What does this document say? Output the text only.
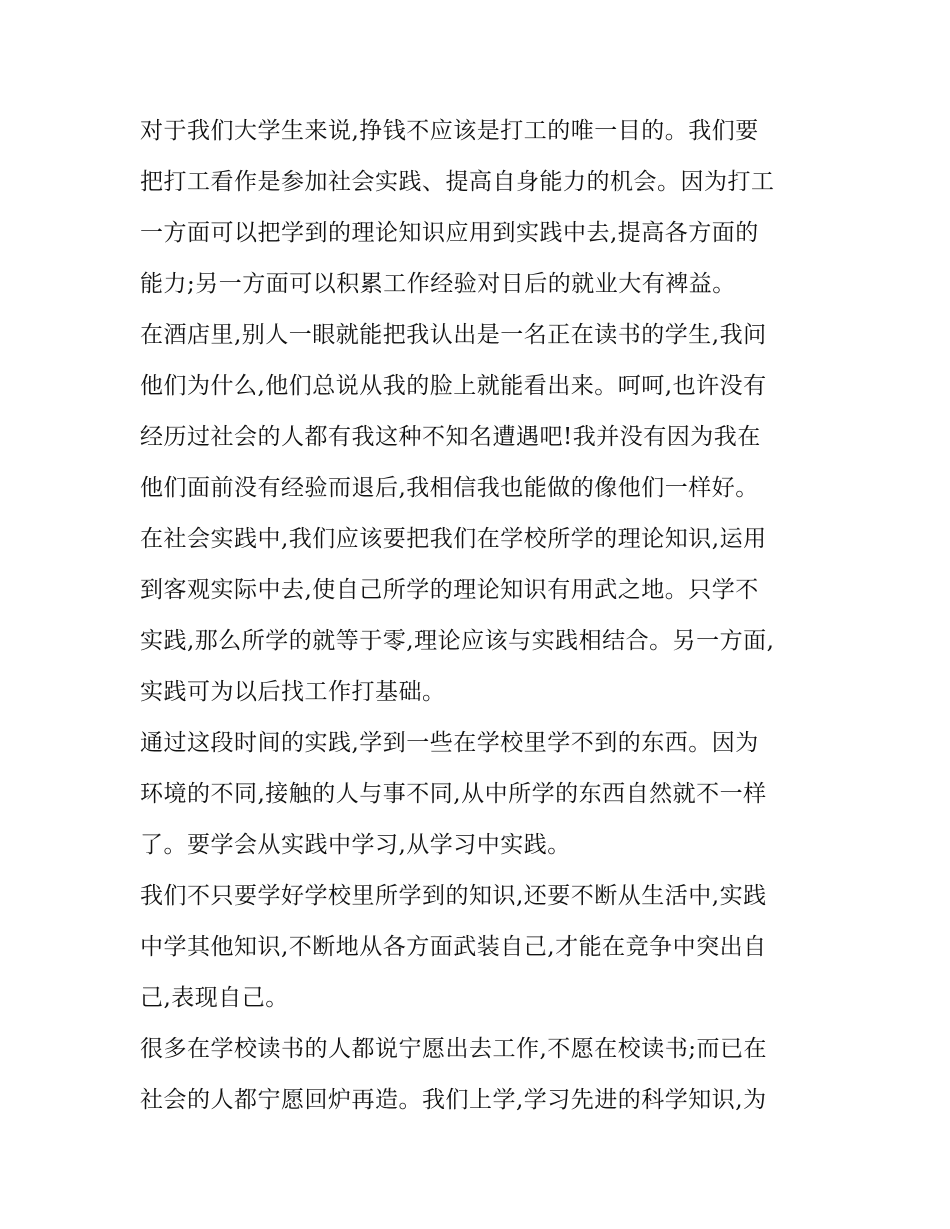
对于我们大学生来说,挣钱不应该是打工的唯一目的。我们要
把打工看作是参加社会实践、提高自身能力的机会。因为打工
一方面可以把学到的理论知识应用到实践中去,提高各方面的
能力;另一方面可以积累工作经验对日后的就业大有裨益。
在酒店里,别人一眼就能把我认出是一名正在读书的学生,我问
他们为什么,他们总说从我的脸上就能看出来。呵呵,也许没有
经历过社会的人都有我这种不知名遭遇吧!我并没有因为我在
他们面前没有经验而退后,我相信我也能做的像他们一样好。
在社会实践中,我们应该要把我们在学校所学的理论知识,运用
到客观实际中去,使自己所学的理论知识有用武之地。只学不
实践,那么所学的就等于零,理论应该与实践相结合。另一方面,
实践可为以后找工作打基础。
通过这段时间的实践,学到一些在学校里学不到的东西。因为
环境的不同,接触的人与事不同,从中所学的东西自然就不一样
了。要学会从实践中学习,从学习中实践。
我们不只要学好学校里所学到的知识,还要不断从生活中,实践
中学其他知识,不断地从各方面武装自己,才能在竞争中突出自
己,表现自己。
很多在学校读书的人都说宁愿出去工作,不愿在校读书;而已在
社会的人都宁愿回炉再造。我们上学,学习先进的科学知识,为
